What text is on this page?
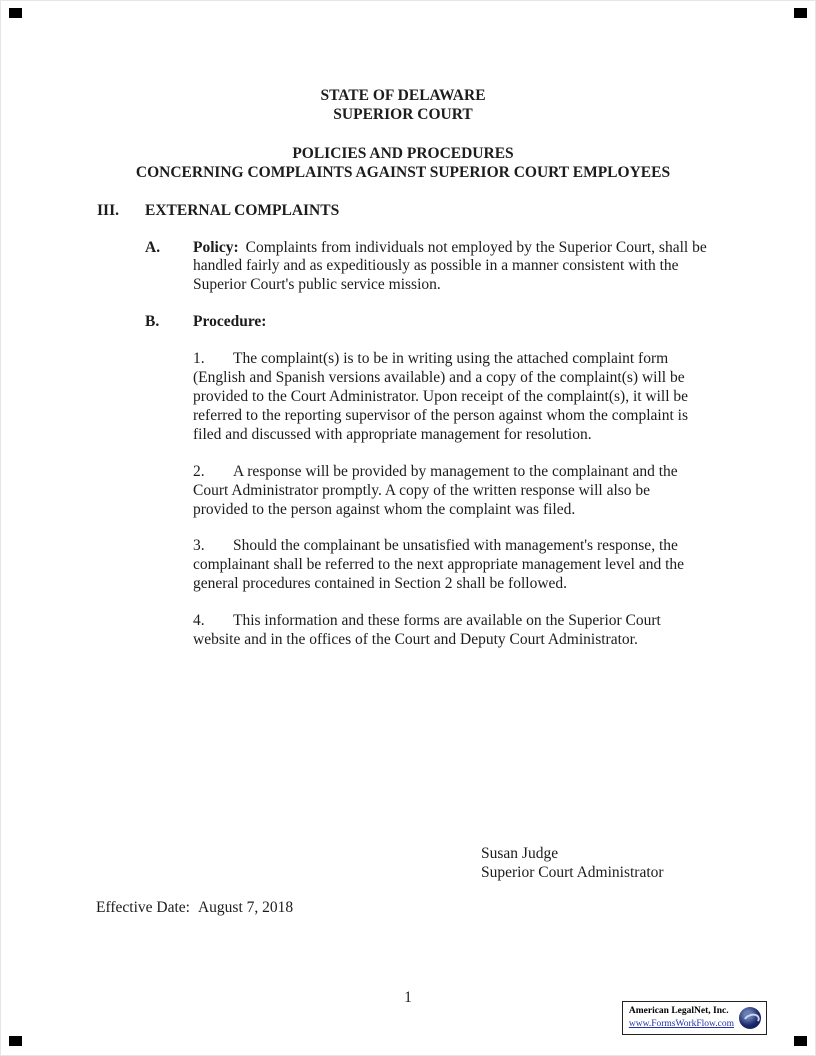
STATE OF DELAWARE
SUPERIOR COURT
POLICIES AND PROCEDURES
CONCERNING COMPLAINTS AGAINST SUPERIOR COURT EMPLOYEES
III.	EXTERNAL COMPLAINTS
A.	Policy: Complaints from individuals not employed by the Superior Court, shall be handled fairly and as expeditiously as possible in a manner consistent with the Superior Court's public service mission.
B.	Procedure:
1. The complaint(s) is to be in writing using the attached complaint form (English and Spanish versions available) and a copy of the complaint(s) will be provided to the Court Administrator. Upon receipt of the complaint(s), it will be referred to the reporting supervisor of the person against whom the complaint is filed and discussed with appropriate management for resolution.
2. A response will be provided by management to the complainant and the Court Administrator promptly. A copy of the written response will also be provided to the person against whom the complaint was filed.
3. Should the complainant be unsatisfied with management's response, the complainant shall be referred to the next appropriate management level and the general procedures contained in Section 2 shall be followed.
4. This information and these forms are available on the Superior Court website and in the offices of the Court and Deputy Court Administrator.
Susan Judge
Superior Court Administrator
Effective Date: August 7, 2018
1
American LegalNet, Inc.
www.FormsWorkFlow.com
